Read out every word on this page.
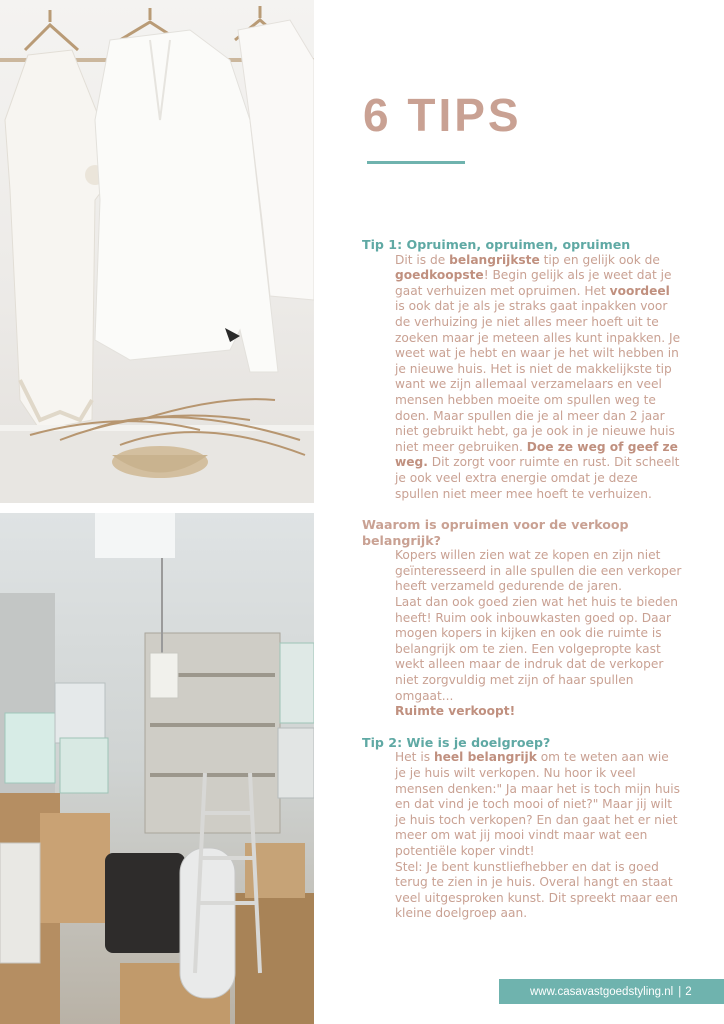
6 TIPS
Tip 1: Opruimen, opruimen, opruimen
Dit is de belangrijkste tip en gelijk ook de goedkoopste! Begin gelijk als je weet dat je gaat verhuizen met opruimen. Het voordeel is ook dat je als je straks gaat inpakken voor de verhuizing je niet alles meer hoeft uit te zoeken maar je meteen alles kunt inpakken. Je weet wat je hebt en waar je het wilt hebben in je nieuwe huis. Het is niet de makkelijkste tip want we zijn allemaal verzamelaars en veel mensen hebben moeite om spullen weg te doen. Maar spullen die je al meer dan 2 jaar niet gebruikt hebt, ga je ook in je nieuwe huis niet meer gebruiken. Doe ze weg of geef ze weg. Dit zorgt voor ruimte en rust. Dit scheelt je ook veel extra energie omdat je deze spullen niet meer mee hoeft te verhuizen.
Waarom is opruimen voor de verkoop belangrijk?
Kopers willen zien wat ze kopen en zijn niet geïnteresseerd in alle spullen die een verkoper heeft verzameld gedurende de jaren.
Laat dan ook goed zien wat het huis te bieden heeft! Ruim ook inbouwkasten goed op. Daar mogen kopers in kijken en ook die ruimte is belangrijk om te zien. Een volgepropte kast wekt alleen maar de indruk dat de verkoper niet zorgvuldig met zijn of haar spullen omgaat...
Ruimte verkoopt!
Tip 2: Wie is je doelgroep?
Het is heel belangrijk om te weten aan wie je je huis wilt verkopen. Nu hoor ik veel mensen denken:" Ja maar het is toch mijn huis en dat vind je toch mooi of niet?" Maar jij wilt je huis toch verkopen? En dan gaat het er niet meer om wat jij mooi vindt maar wat een potentiële koper vindt!
Stel: Je bent kunstliefhebber en dat is goed terug te zien in je huis. Overal hangt en staat veel uitgesproken kunst. Dit spreekt maar een kleine doelgroep aan.
www.casavastgoedstyling.nl | 2
